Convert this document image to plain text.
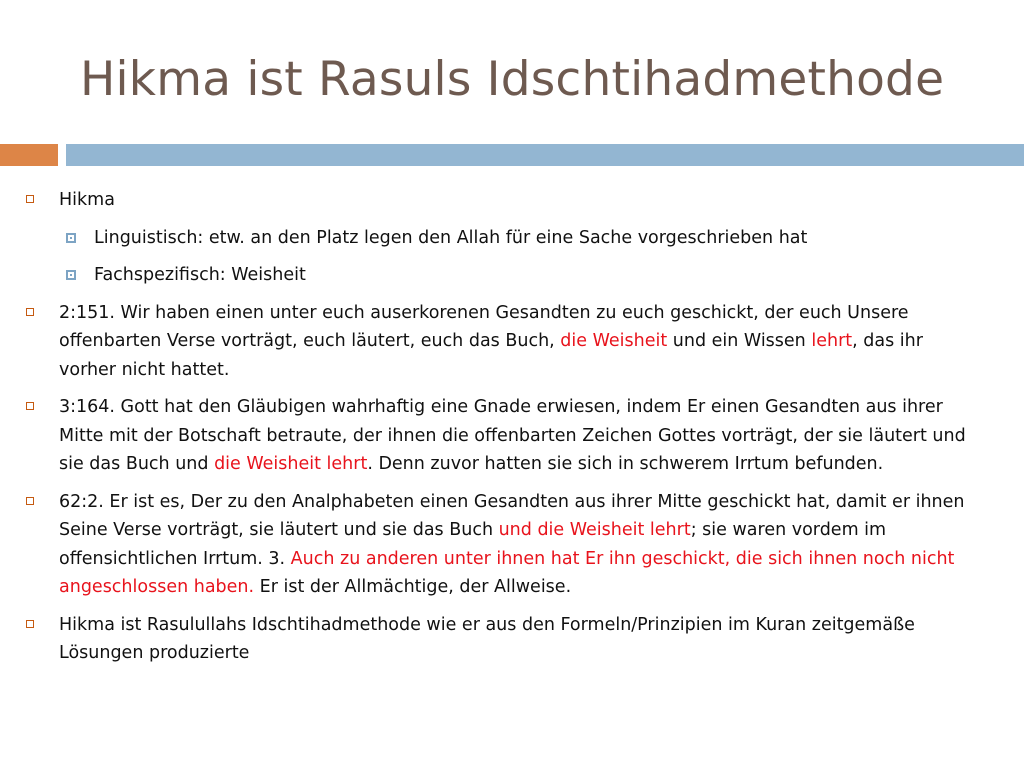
Hikma ist Rasuls Idschtihadmethode
Hikma
Linguistisch: etw. an den Platz legen den Allah für eine Sache vorgeschrieben hat
Fachspezifisch: Weisheit
2:151. Wir haben einen unter euch auserkorenen Gesandten zu euch geschickt, der euch Unsere offenbarten Verse vorträgt, euch läutert, euch das Buch, die Weisheit und ein Wissen lehrt, das ihr vorher nicht hattet.
3:164. Gott hat den Gläubigen wahrhaftig eine Gnade erwiesen, indem Er einen Gesandten aus ihrer Mitte mit der Botschaft betraute, der ihnen die offenbarten Zeichen Gottes vorträgt, der sie läutert und sie das Buch und die Weisheit lehrt. Denn zuvor hatten sie sich in schwerem Irrtum befunden.
62:2. Er ist es, Der zu den Analphabeten einen Gesandten aus ihrer Mitte geschickt hat, damit er ihnen Seine Verse vorträgt, sie läutert und sie das Buch und die Weisheit lehrt; sie waren vordem im offensichtlichen Irrtum. 3. Auch zu anderen unter ihnen hat Er ihn geschickt, die sich ihnen noch nicht angeschlossen haben. Er ist der Allmächtige, der Allweise.
Hikma ist Rasulullahs Idschtihadmethode wie er aus den Formeln/Prinzipien im Kuran zeitgemäße Lösungen produzierte
